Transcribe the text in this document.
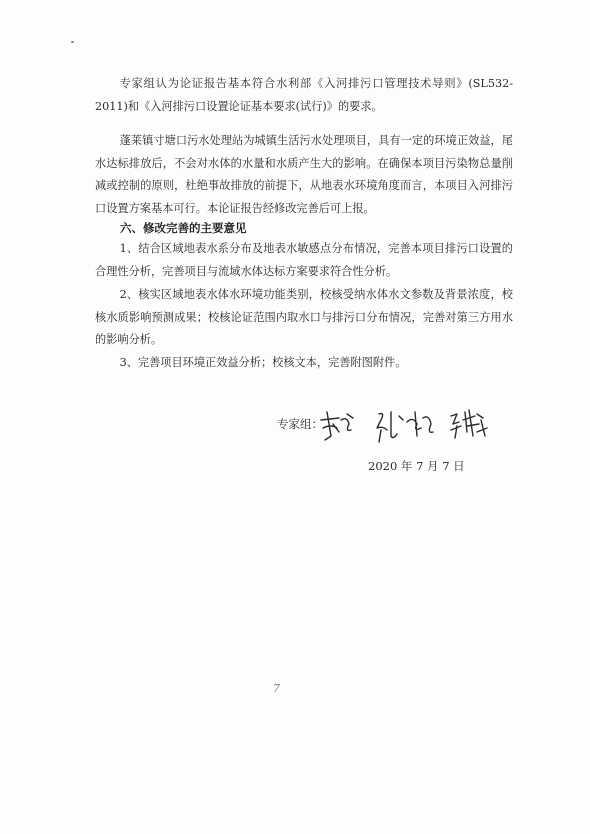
专家组认为论证报告基本符合水利部《入河排污口管理技术导则》(SL532-2011)和《入河排污口设置论证基本要求(试行)》的要求。

蓬莱镇寸塘口污水处理站为城镇生活污水处理项目，具有一定的环境正效益，尾水达标排放后，不会对水体的水量和水质产生大的影响。在确保本项目污染物总量削减或控制的原则，杜绝事故排放的前提下，从地表水环境角度而言，本项目入河排污口设置方案基本可行。本论证报告经修改完善后可上报。

六、修改完善的主要意见

1、结合区域地表水系分布及地表水敏感点分布情况，完善本项目排污口设置的合理性分析，完善项目与流域水体达标方案要求符合性分析。

2、核实区域地表水体水环境功能类别，校核受纳水体水文参数及背景浓度，校核水质影响预测成果；校核论证范围内取水口与排污口分布情况，完善对第三方用水的影响分析。

3、完善项目环境正效益分析；校核文本，完善附图附件。

专家组：
2020 年 7 月 7 日
7
